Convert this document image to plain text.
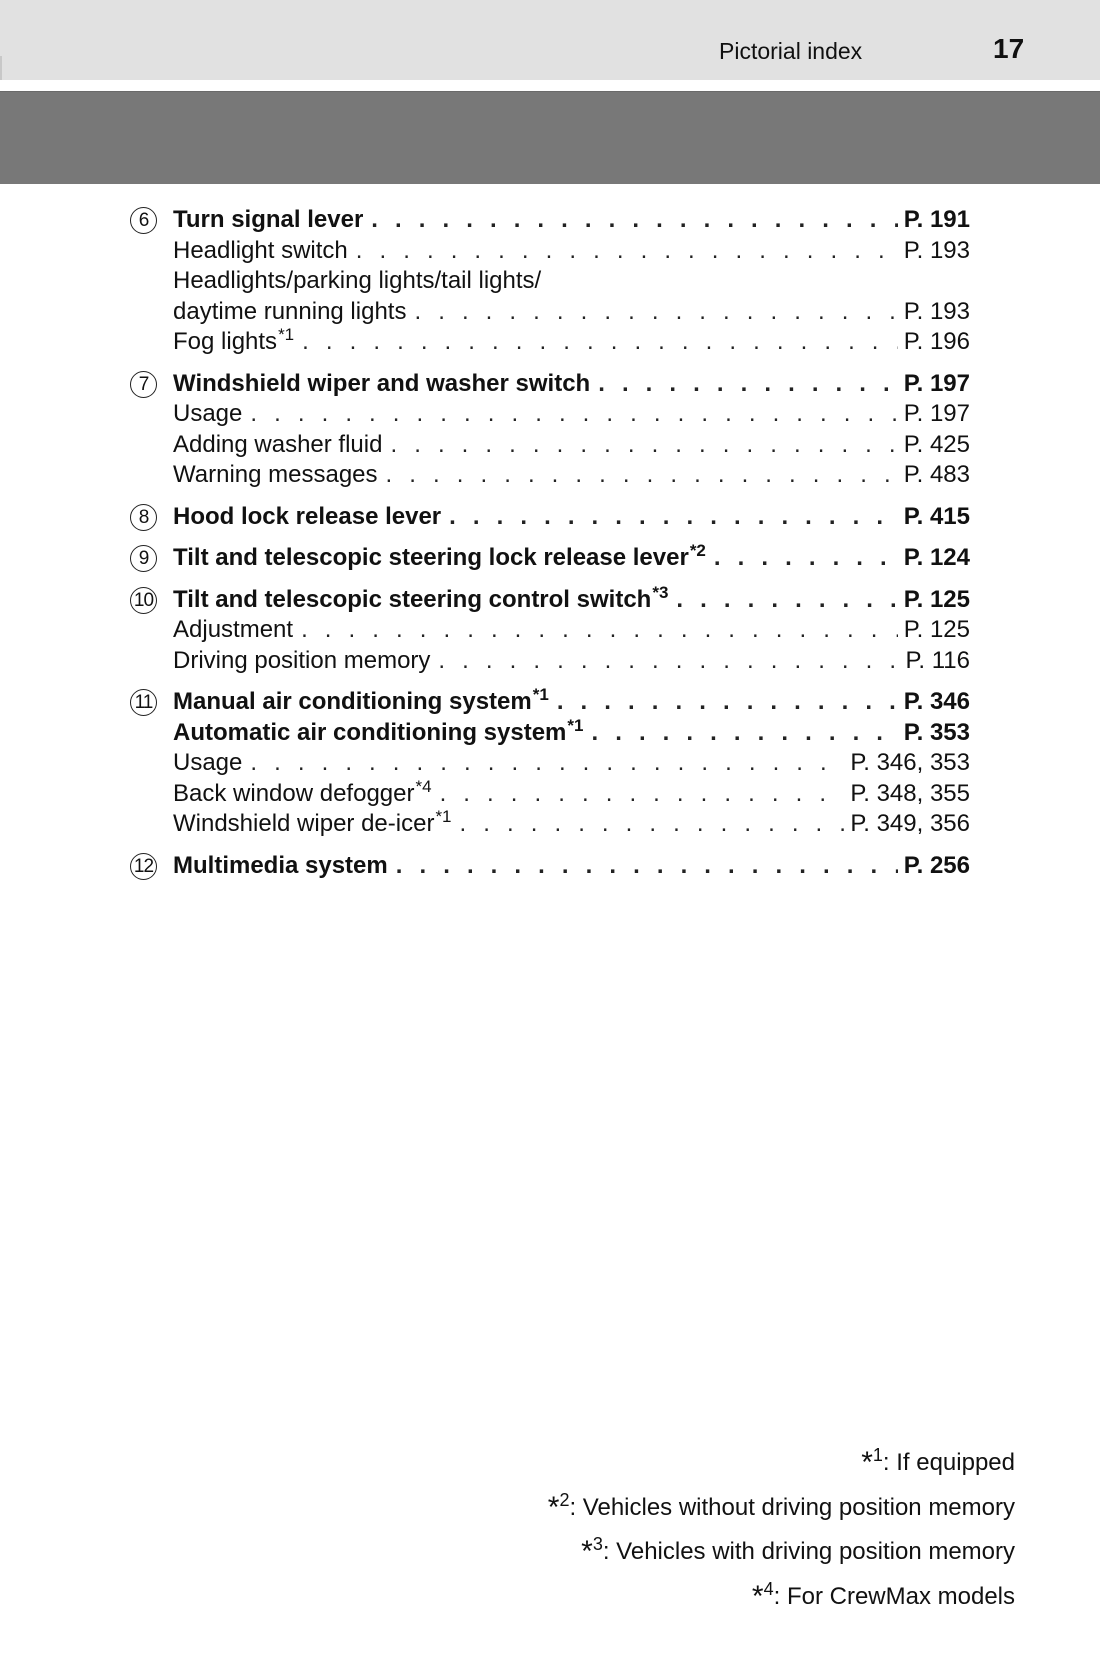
Pictorial index	17
6	Turn signal lever . . .	P. 191
Headlight switch . . .	P. 193
Headlights/parking lights/tail lights/
daytime running lights . . .	P. 193
Fog lights$^{*1}$ . . .	P. 196
7	Windshield wiper and washer switch . . .	P. 197
Usage . . .	P. 197
Adding washer fluid . . .	P. 425
Warning messages . . .	P. 483
8	Hood lock release lever . . .	P. 415
9	Tilt and telescopic steering lock release lever$^{*2}$ . . .	P. 124
10 Tilt and telescopic steering control switch$^{*3}$ . . .	P. 125
Adjustment . . .	P. 125
Driving position memory . . .	P. 116
11 Manual air conditioning system$^{*1}$ . . .	P. 346
Automatic air conditioning system$^{*1}$ . . .	P. 353
Usage . . .	P. 346, 353
Back window defogger$^{*4}$ . . .	P. 348, 355
Windshield wiper de-icer$^{*1}$ . . .	P. 349, 356
12 Multimedia system . . .	P. 256
*$^1$: If equipped
*$^2$: Vehicles without driving position memory
*$^3$: Vehicles with driving position memory
*$^4$: For CrewMax models
